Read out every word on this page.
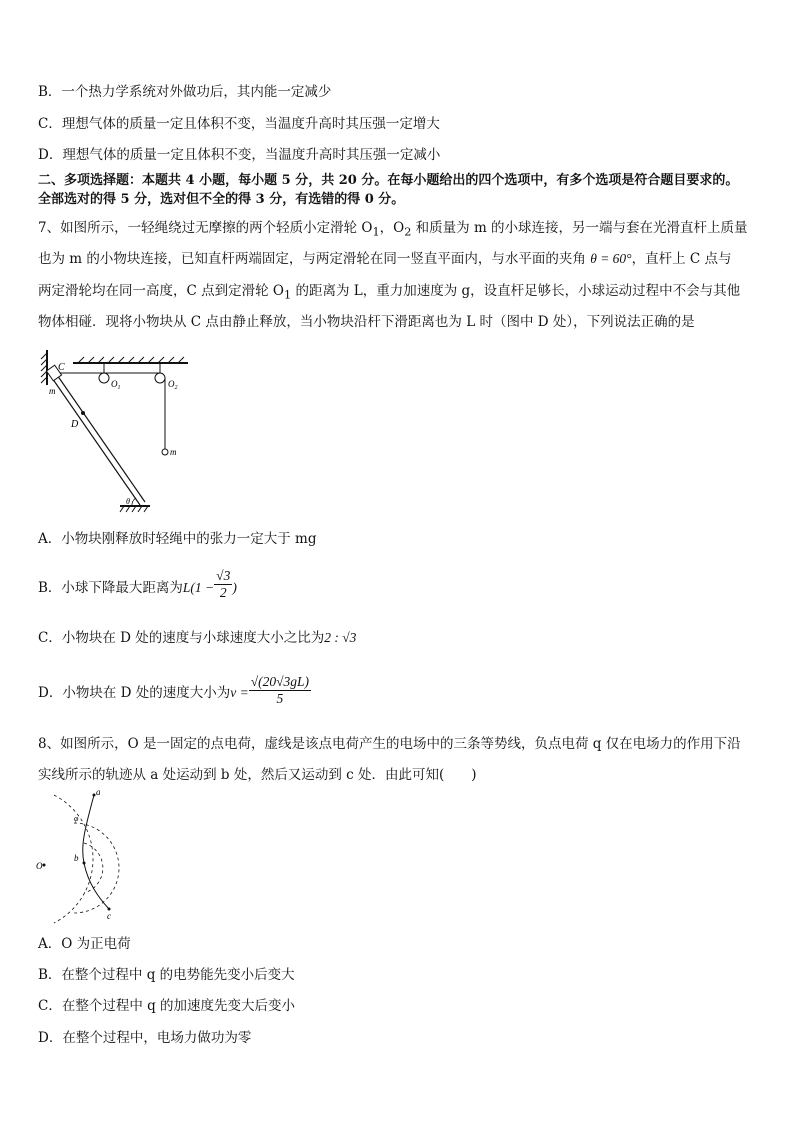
B．一个热力学系统对外做功后，其内能一定减少
C．理想气体的质量一定且体积不变，当温度升高时其压强一定增大
D．理想气体的质量一定且体积不变，当温度升高时其压强一定减小
二、多项选择题：本题共 4 小题，每小题 5 分，共 20 分。在每小题给出的四个选项中，有多个选项是符合题目要求的。
全部选对的得 5 分，选对但不全的得 3 分，有选错的得 0 分。
7、如图所示，一轻绳绕过无摩擦的两个轻质小定滑轮 $O_1$，$O_2$ 和质量为 m 的小球连接，另一端与套在光滑直杆上质量
也为 m 的小物块连接，已知直杆两端固定，与两定滑轮在同一竖直平面内，与水平面的夹角 θ = 60°，直杆上 C 点与
两定滑轮均在同一高度，C 点到定滑轮 $O_1$ 的距离为 L，重力加速度为 g，设直杆足够长，小球运动过程中不会与其他
物体相碰．现将小物块从 C 点由静止释放，当小物块沿杆下滑距离也为 L 时（图中 D 处），下列说法正确的是
C
m
$O_1$	$O_2$
D
m
θ
A．小物块刚释放时轻绳中的张力一定大于 mg
B．小球下降最大距离为$L(1 - \frac{√3}{2}$ )
C．小物块在 D 处的速度与小球速度大小之比为2 : √3
D．小物块在 D 处的速度大小为$v = \frac{√(20√3gL)}{5}$
8、如图所示，O 是一固定的点电荷，虚线是该点电荷产生的电场中的三条等势线，负点电荷 q 仅在电场力的作用下沿
实线所示的轨迹从 a 处运动到 b 处，然后又运动到 c 处．由此可知(　　)
a
φ
b
c
O
A．O 为正电荷
B．在整个过程中 q 的电势能先变小后变大
C．在整个过程中 q 的加速度先变大后变小
D．在整个过程中，电场力做功为零
